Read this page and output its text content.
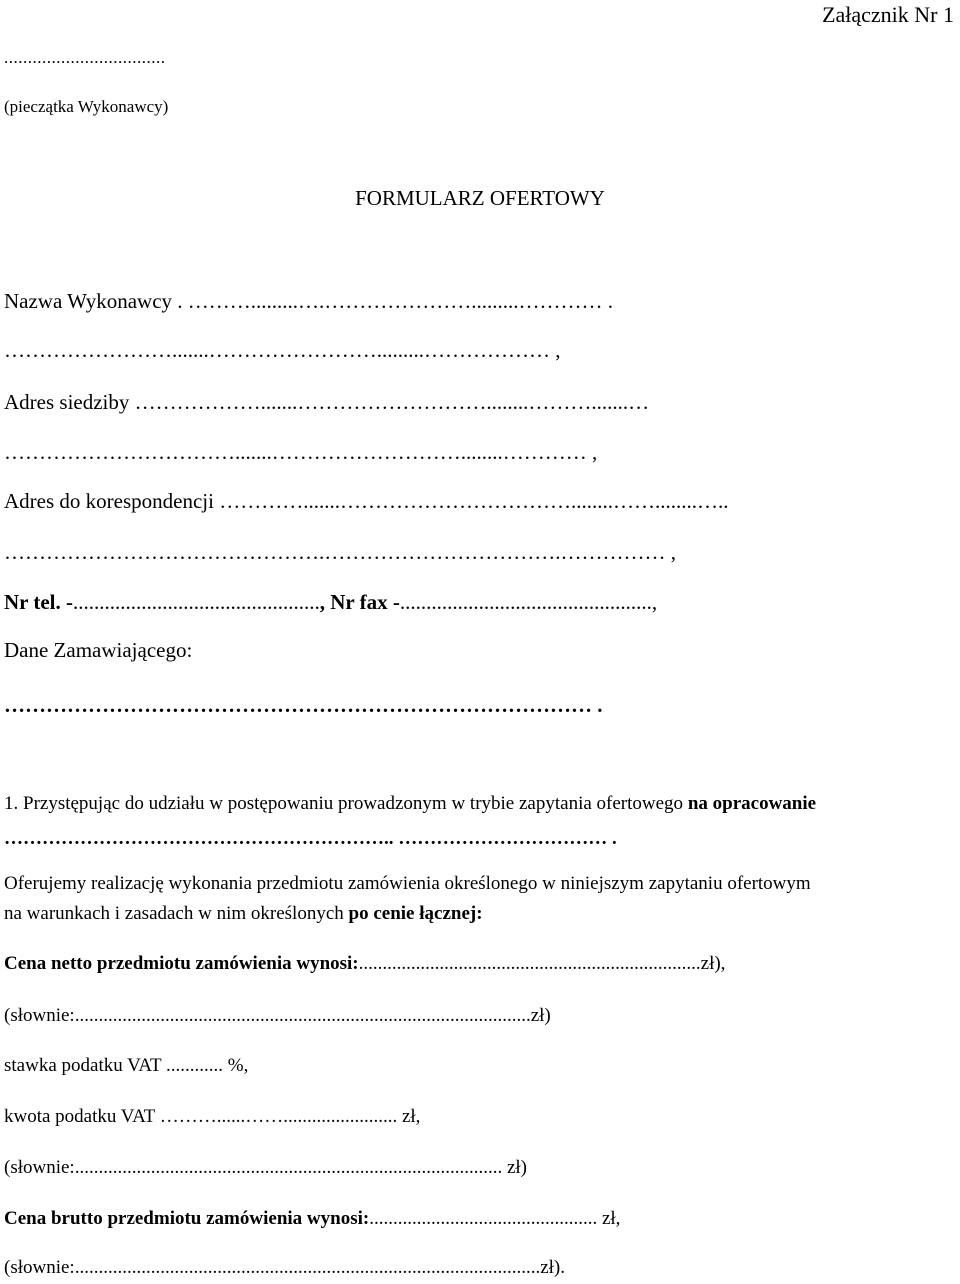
Załącznik Nr 1
..................................
(pieczątka Wykonawcy)
FORMULARZ OFERTOWY
Nazwa Wykonawcy . ……….........….………………….........………… .
…………………….......…………………….........……………… ,
Adres siedziby ……………….......………………………........……….......…
…………………………….......………………………........………… ,
Adres do korespondencji ………….......……………………………........……........…..
……………………………………….…………………………….…………… ,
Nr tel. -..............................................., Nr fax -................................................,
Dane Zamawiającego:
………………………………………………………………………… .
1. Przystępując do udziału w postępowaniu prowadzonym w trybie zapytania ofertowego na opracowanie
…………………………………………………….. …………………………… .
Oferujemy realizację wykonania przedmiotu zamówienia określonego w niniejszym zapytaniu ofertowym
na warunkach i zasadach w nim określonych po cenie łącznej:
Cena netto przedmiotu zamówienia wynosi:........................................................................zł),
(słownie:................................................................................................zł)
stawka podatku VAT ............ %,
kwota podatku VAT ………......……........................ zł,
(słownie:.......................................................................................... zł)
Cena brutto przedmiotu zamówienia wynosi:................................................ zł,
(słownie:..................................................................................................zł).
